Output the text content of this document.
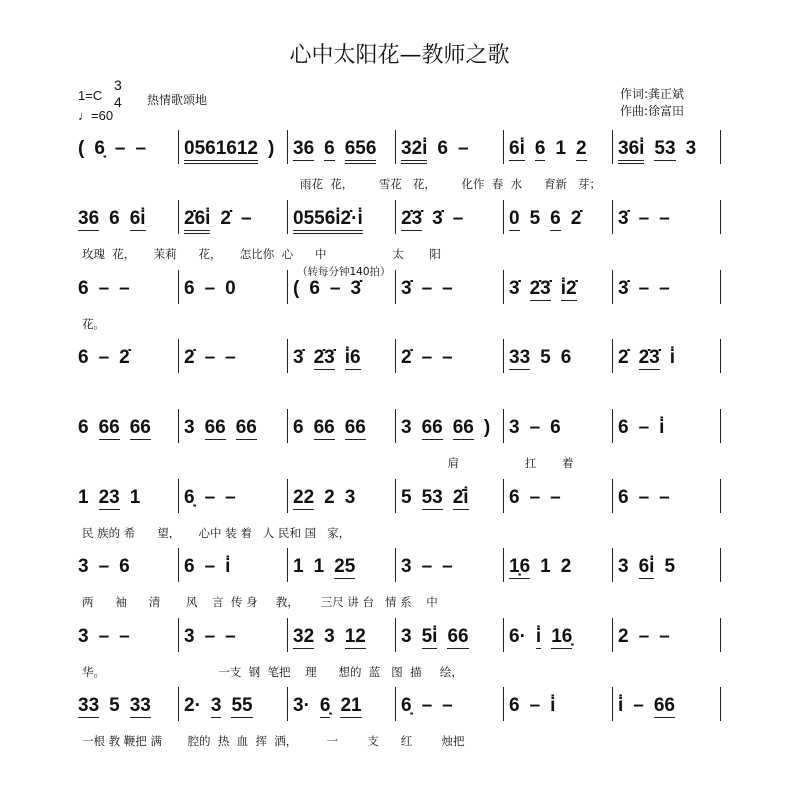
心中太阳花—教师之歌
1=C
3
4
♩=60
热情歌颂地	作词:龚正斌
作曲:徐富田
( 6̣ – – 0561612 ) 36 6 656 32i̇ 6 – 6i̇ 6 1 2 36i̇ 53 3
雨花  花，       雪花   花，       化作  春  水      育新   芽；
36 6 6i̇ 2̇6i̇ 2̇ – 0556i̇2̇·i̇ 2̇3̇ 3̇ – 0 5 6 2̇ 3̇ – –
玫瑰  花，     茉莉      花，     怎比你  心      中                  太       阳
6 – –	6 – 0	( 6 – 3̇ 3̇ – –	3̇ 2̇3̇ i̇2̇ 3̇ – –
花。
（转每分钟140拍）
6 – 2̇	2̇ – –	3̇ 2̇3̇ i̇6 2̇ – –	33 5 6 2̇ 2̇3̇ i̇
6 66 66 3 66 66 6 66 66 3 66 66 ) 3 – 6	6 – i̇
肩                  扛       着
1 23 1 6̣ – –	22 2 3 5 53 2̇i̇ 6 – –	6 – –
民 族的 希      望，     心中 装 着   人 民和 国   家，
3 – 6	6 – i̇	1 1 25 3 – –	1̣6 1 2 3 6i̇ 5
两      袖      清       风    言  传 身     教，      三尺 讲 台   情 系    中
3 – –	3 – –	32 3 12 3 5i̇ 66 6· i̇ 16̣ 2 – –
华。                               一支  钢  笔把    理      想的  蓝   图  描     绘，
33 5 33 2· 3 55 3· 6̣ 21 6̣ – –	6 – i̇	i̇ – 66
一根 教 鞭把 满       腔的  热  血  挥  洒，        一        支      红        烛把
